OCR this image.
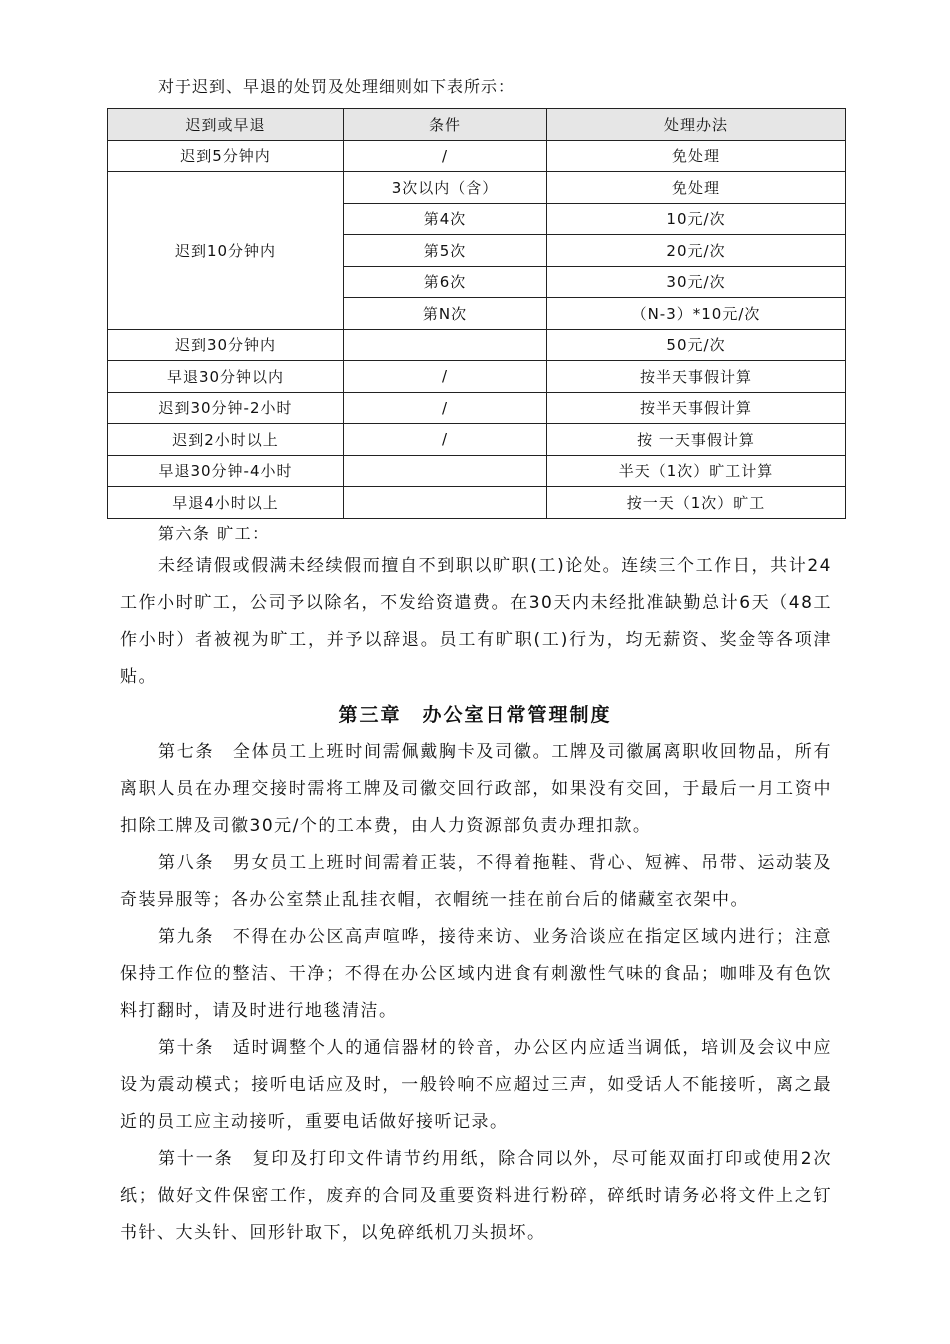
对于迟到、早退的处罚及处理细则如下表所示：
迟到或早退	条件	处理办法
迟到5分钟内	/	免处理
迟到10分钟内	3次以内（含）	免处理
	第4次	10元/次
	第5次	20元/次
	第6次	30元/次
	第N次	（N-3）*10元/次
迟到30分钟内		50元/次
早退30分钟以内	/	按半天事假计算
迟到30分钟-2小时	/	按半天事假计算
迟到2小时以上	/	按 一天事假计算
早退30分钟-4小时		半天（1次）旷工计算
早退4小时以上		按一天（1次）旷工
第六条 旷工：

未经请假或假满未经续假而擅自不到职以旷职(工)论处。连续三个工作日，共计24工作小时旷工，公司予以除名，不发给资遣费。在30天内未经批准缺勤总计6天（48工作小时）者被视为旷工，并予以辞退。员工有旷职(工)行为，均无薪资、奖金等各项津贴。

第三章　办公室日常管理制度

第七条　全体员工上班时间需佩戴胸卡及司徽。工牌及司徽属离职收回物品，所有离职人员在办理交接时需将工牌及司徽交回行政部，如果没有交回，于最后一月工资中扣除工牌及司徽30元/个的工本费，由人力资源部负责办理扣款。

第八条　男女员工上班时间需着正装，不得着拖鞋、背心、短裤、吊带、运动装及奇装异服等；各办公室禁止乱挂衣帽，衣帽统一挂在前台后的储藏室衣架中。

第九条　不得在办公区高声喧哗，接待来访、业务洽谈应在指定区域内进行；注意保持工作位的整洁、干净；不得在办公区域内进食有刺激性气味的食品；咖啡及有色饮料打翻时，请及时进行地毯清洁。

第十条　适时调整个人的通信器材的铃音，办公区内应适当调低，培训及会议中应设为震动模式；接听电话应及时，一般铃响不应超过三声，如受话人不能接听，离之最近的员工应主动接听，重要电话做好接听记录。

第十一条　复印及打印文件请节约用纸，除合同以外，尽可能双面打印或使用2次纸；做好文件保密工作，废弃的合同及重要资料进行粉碎，碎纸时请务必将文件上之钉书针、大头针、回形针取下，以免碎纸机刀头损坏。
